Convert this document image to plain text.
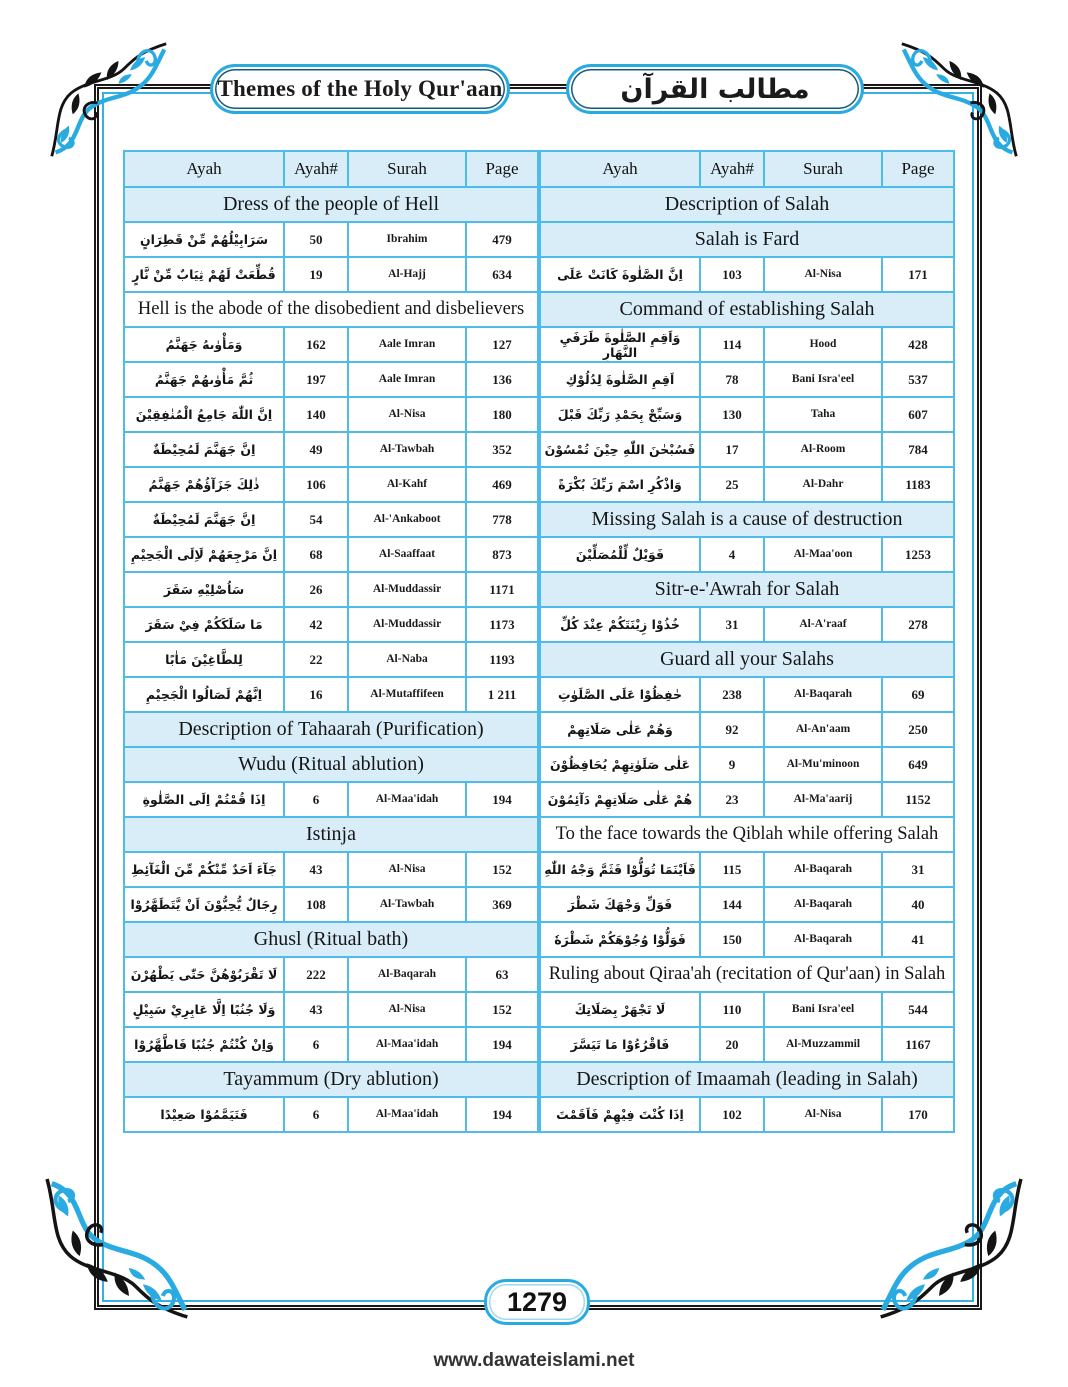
Themes of the Holy Qur'aan	مطالب القرآن
Ayah	Ayah#	Surah	Page
Dress of the people of Hell			
سَرَابِيْلُهُمْ مِّنْ قَطِرَانٍ	50	Ibrahim	479
قُطِّعَتْ لَهُمْ ثِيَابٌ مِّنْ نَّارٍ	19	Al-Hajj	634
Hell is the abode of the disobedient and disbelievers			
وَمَأْوٰىهُ جَهَنَّمُ	162	Aale Imran	127
ثُمَّ مَأْوٰىهُمْ جَهَنَّمُ	197	Aale Imran	136
اِنَّ اللّٰهَ جَامِعُ الْمُنٰفِقِيْنَ	140	Al-Nisa	180
اِنَّ جَهَنَّمَ لَمُحِيْطَةٌ	49	Al-Tawbah	352
ذٰلِكَ جَزَآؤُهُمْ جَهَنَّمُ	106	Al-Kahf	469
اِنَّ جَهَنَّمَ لَمُحِيْطَةٌ	54	Al-'Ankaboot	778
اِنَّ مَرْجِعَهُمْ لَاِلَى الْجَحِيْمِ	68	Al-Saaffaat	873
سَاُصْلِيْهِ سَقَرَ	26	Al-Muddassir	1171
مَا سَلَكَكُمْ فِيْ سَقَرَ	42	Al-Muddassir	1173
لِلطَّاغِيْنَ مَاٰبًا	22	Al-Naba	1193
اِنَّهُمْ لَصَالُوا الْجَحِيْمِ	16	Al-Mutaffifeen	1 211
Description of Tahaarah (Purification)			
Wudu (Ritual ablution)			
اِذَا قُمْتُمْ اِلَى الصَّلٰوةِ	6	Al-Maa'idah	194
Istinja			
جَآءَ اَحَدٌ مِّنْكُمْ مِّنَ الْغَآئِطِ	43	Al-Nisa	152
رِجَالٌ يُّحِبُّوْنَ اَنْ يَّتَطَهَّرُوْا	108	Al-Tawbah	369
Ghusl (Ritual bath)			
لَا تَقْرَبُوْهُنَّ حَتّٰى يَطْهُرْنَ	222	Al-Baqarah	63
وَلَا جُنُبًا اِلَّا عَابِرِيْ سَبِيْلٍ	43	Al-Nisa	152
وَاِنْ كُنْتُمْ جُنُبًا فَاطَّهَّرُوْا	6	Al-Maa'idah	194
Tayammum (Dry ablution)			
فَتَيَمَّمُوْا صَعِيْدًا	6	Al-Maa'idah	194
Ayah	Ayah#	Surah	Page
Description of Salah			
Salah is Fard			
اِنَّ الصَّلٰوةَ كَانَتْ عَلَى	103	Al-Nisa	171
Command of establishing Salah			
وَاَقِمِ الصَّلٰوةَ طَرَفَيِ النَّهَارِ	114	Hood	428
اَقِمِ الصَّلٰوةَ لِدُلُوْكِ	78	Bani Isra'eel	537
وَسَبِّحْ بِحَمْدِ رَبِّكَ قَبْلَ	130	Taha	607
فَسُبْحٰنَ اللّٰهِ حِيْنَ تُمْسُوْنَ	17	Al-Room	784
وَاذْكُرِ اسْمَ رَبِّكَ بُكْرَةً	25	Al-Dahr	1183
Missing Salah is a cause of destruction			
فَوَيْلٌ لِّلْمُصَلِّيْنَ	4	Al-Maa'oon	1253
Sitr-e-'Awrah for Salah			
خُذُوْا زِيْنَتَكُمْ عِنْدَ كُلِّ	31	Al-A'raaf	278
Guard all your Salahs			
حٰفِظُوْا عَلَى الصَّلَوٰتِ	238	Al-Baqarah	69
وَهُمْ عَلٰى صَلَاتِهِمْ	92	Al-An'aam	250
عَلٰى صَلَوٰتِهِمْ يُحَافِظُوْنَ	9	Al-Mu'minoon	649
هُمْ عَلٰى صَلَاتِهِمْ دَآئِمُوْنَ	23	Al-Ma'aarij	1152
To the face towards the Qiblah while offering Salah			
فَاَيْنَمَا تُوَلُّوْا فَثَمَّ وَجْهُ اللّٰهِ	115	Al-Baqarah	31
فَوَلِّ وَجْهَكَ شَطْرَ	144	Al-Baqarah	40
فَوَلُّوْا وُجُوْهَكُمْ شَطْرَهٗ	150	Al-Baqarah	41
Ruling about Qiraa'ah (recitation of Qur'aan) in Salah			
لَا تَجْهَرْ بِصَلَاتِكَ	110	Bani Isra'eel	544
فَاقْرُءُوْا مَا تَيَسَّرَ	20	Al-Muzzammil	1167
Description of Imaamah (leading in Salah)			
اِذَا كُنْتَ فِيْهِمْ فَاَقَمْتَ	102	Al-Nisa	170
1279
www.dawateislami.net
